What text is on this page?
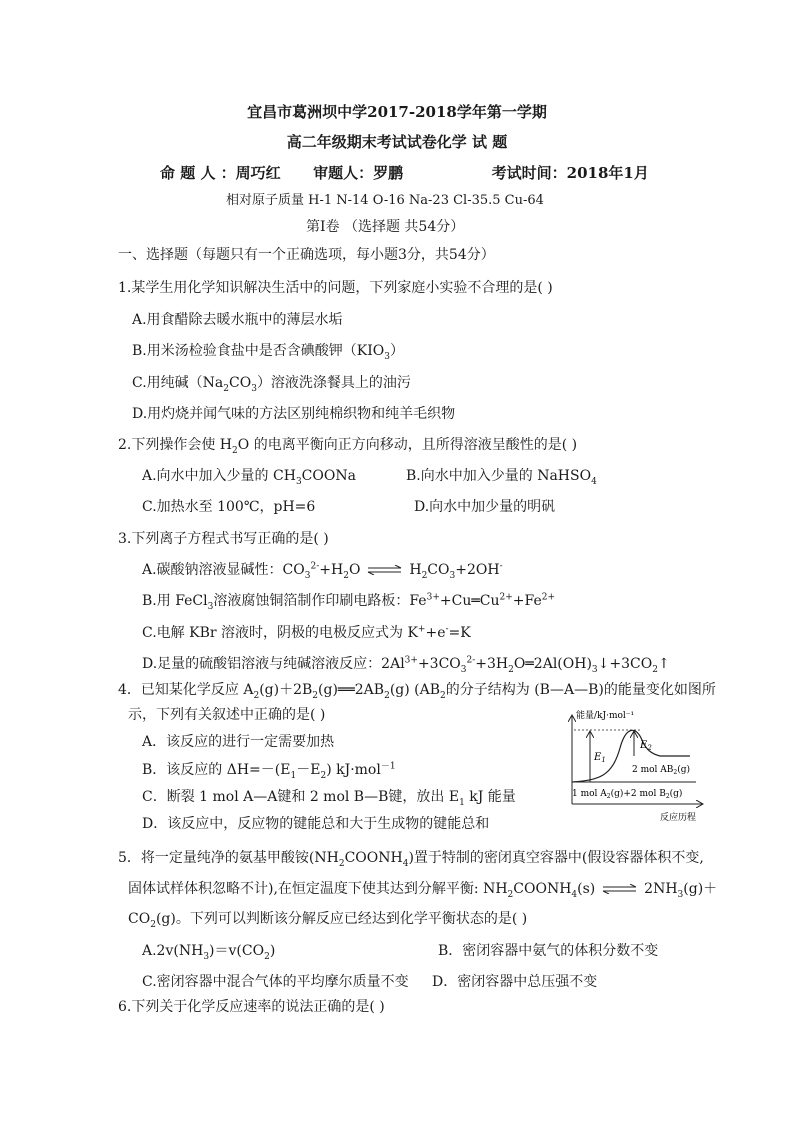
宜昌市葛洲坝中学2017-2018学年第一学期
高二年级期末考试试卷化学 试 题
命 题 人 ：周巧红 审题人：罗鹏	考试时间：2018年1月
相对原子质量 H-1 N-14 O-16 Na-23 Cl-35.5 Cu-64
第Ⅰ卷 （选择题 共54分）
一、选择题（每题只有一个正确选项，每小题3分，共54分）
1.某学生用化学知识解决生活中的问题，下列家庭小实验不合理的是( )
A.用食醋除去暖水瓶中的薄层水垢
B.用米汤检验食盐中是否含碘酸钾$(KIO_3)$
C.用纯碱$(Na_2CO_3)$溶液洗涤餐具上的油污
D.用灼烧并闻气味的方法区别纯棉织物和纯羊毛织物
2.下列操作会使 $H_2O$ 的电离平衡向正方向移动，且所得溶液呈酸性的是( )
A.向水中加入少量的 $CH_3COONa$	B.向水中加入少量的 NaHSO$_4$
C.加热水至 100℃，pH=6	D.向水中加少量的明矾
3.下列离子方程式书写正确的是( )
A.碳酸钠溶液显碱性：$CO_3^{2-}+H_2O$ ⇌ $H_2CO_3+2OH^-$
B.用 FeCl$_3$溶液腐蚀铜箔制作印刷电路板：$Fe^{3+}+Cu═Cu^{2+}+Fe^{2+}$
C.电解 KBr 溶液时，阴极的电极反应式为 K++e-=K
D.足量的硫酸铝溶液与纯碱溶液反应：$2Al^{3+}+3CO_3^{2-}+3H_2O═2Al(OH)_3↓+3CO_2↑$
4．已知某化学反应 $A_2(g)+2B_2(g)══2AB_2(g)$ ($AB_2$的分子结构为 (B—A—B)的能量变化如图所
示，下列有关叙述中正确的是( )
A．该反应的进行一定需要加热
B．该反应的 $\Delta H=-(E_1-E_2)$ kJ·mol$^{-1}$
C．断裂 1 mol A—A键和 2 mol B—B键，放出 $E_1$ kJ 能量
D．该反应中，反应物的键能总和大于生成物的键能总和
$E_1$
$E_2$
2 mol $AB_2(g)$
1 mol $A_2(g)+2$ mol $B_2(g)$
能量/kJ·mol⁻¹
反应历程
5．将一定量纯净的氨基甲酸铵$(NH_2COONH_4)$置于特制的密闭真空容器中(假设容器体积不变,
固体试样体积忽略不计),在恒定温度下使其达到分解平衡: $NH_2COONH_4(s)$ ⇌ $2NH_3(g)+$
$CO_2(g)$。下列可以判断该分解反应已经达到化学平衡状态的是( )
$A.2v(NH_3)=v(CO_2)$	B．密闭容器中氨气的体积分数不变
C.密闭容器中混合气体的平均摩尔质量不变 D．密闭容器中总压强不变
6.下列关于化学反应速率的说法正确的是( )
